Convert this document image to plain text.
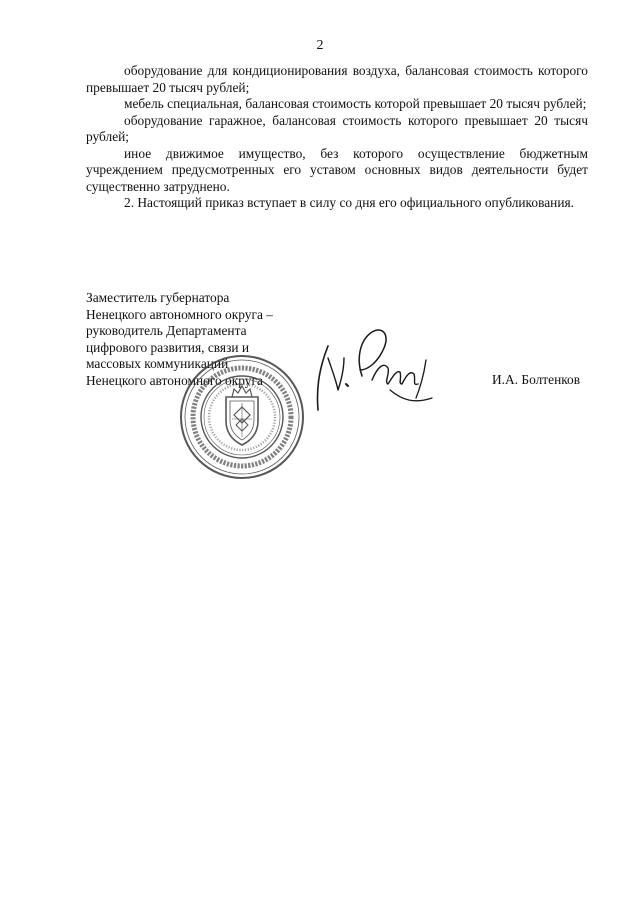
2

оборудование для кондиционирования воздуха, балансовая стоимость которого превышает 20 тысяч рублей;

мебель специальная, балансовая стоимость которой превышает 20 тысяч рублей;

оборудование гаражное, балансовая стоимость которого превышает 20 тысяч рублей;

иное движимое имущество, без которого осуществление бюджетным учреждением предусмотренных его уставом основных видов деятельности будет существенно затруднено.

2. Настоящий приказ вступает в силу со дня его официального опубликования.

Заместитель губернатора
Ненецкого автономного округа –
руководитель Департамента
цифрового развития, связи и
массовых коммуникаций
Ненецкого автономного округа	И.А. Болтенков
